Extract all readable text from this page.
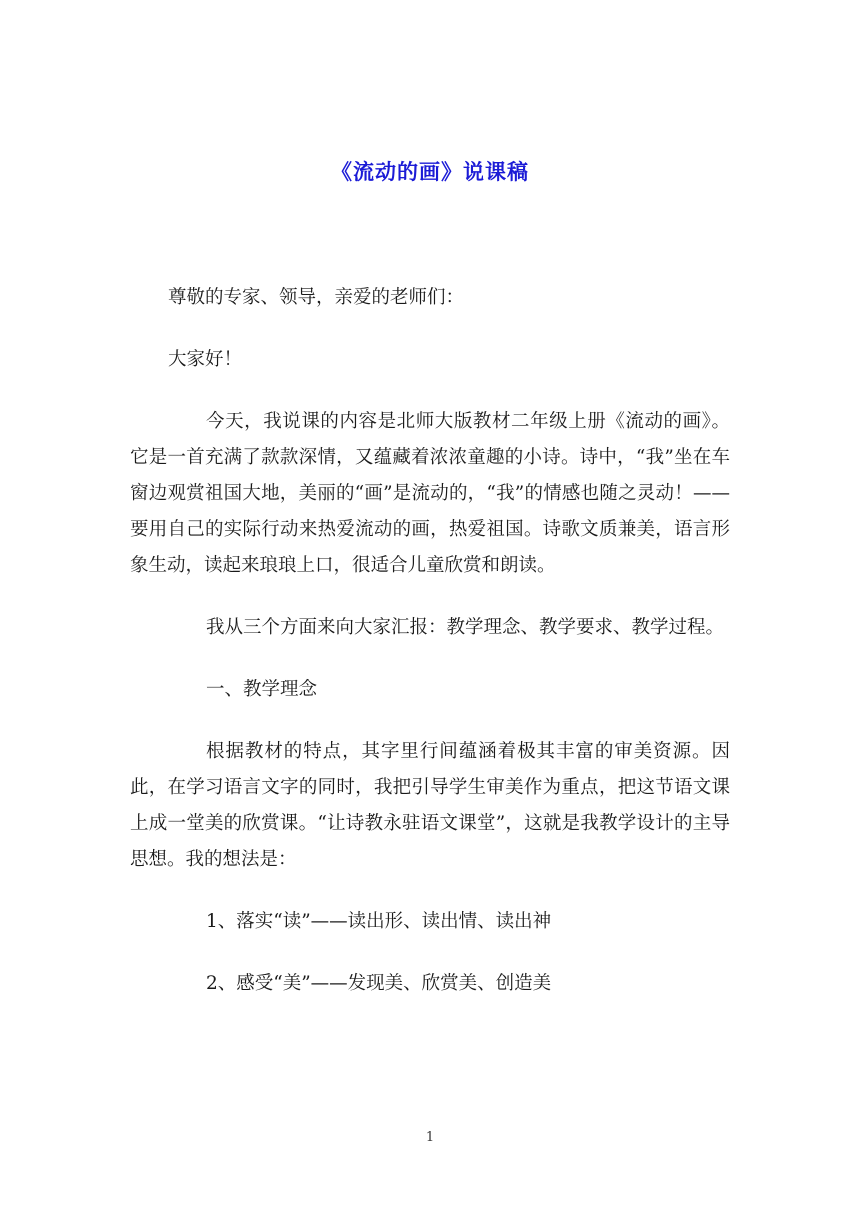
《流动的画》说课稿

尊敬的专家、领导，亲爱的老师们：

大家好！

今天，我说课的内容是北师大版教材二年级上册《流动的画》。它是一首充满了款款深情，又蕴藏着浓浓童趣的小诗。诗中，“我”坐在车窗边观赏祖国大地，美丽的“画”是流动的，“我”的情感也随之灵动！——要用自己的实际行动来热爱流动的画，热爱祖国。诗歌文质兼美，语言形象生动，读起来琅琅上口，很适合儿童欣赏和朗读。

我从三个方面来向大家汇报：教学理念、教学要求、教学过程。

一、教学理念

根据教材的特点，其字里行间蕴涵着极其丰富的审美资源。因此，在学习语言文字的同时，我把引导学生审美作为重点，把这节语文课上成一堂美的欣赏课。“让诗教永驻语文课堂”，这就是我教学设计的主导思想。我的想法是：

1、落实“读”——读出形、读出情、读出神

2、感受“美”——发现美、欣赏美、创造美

1
